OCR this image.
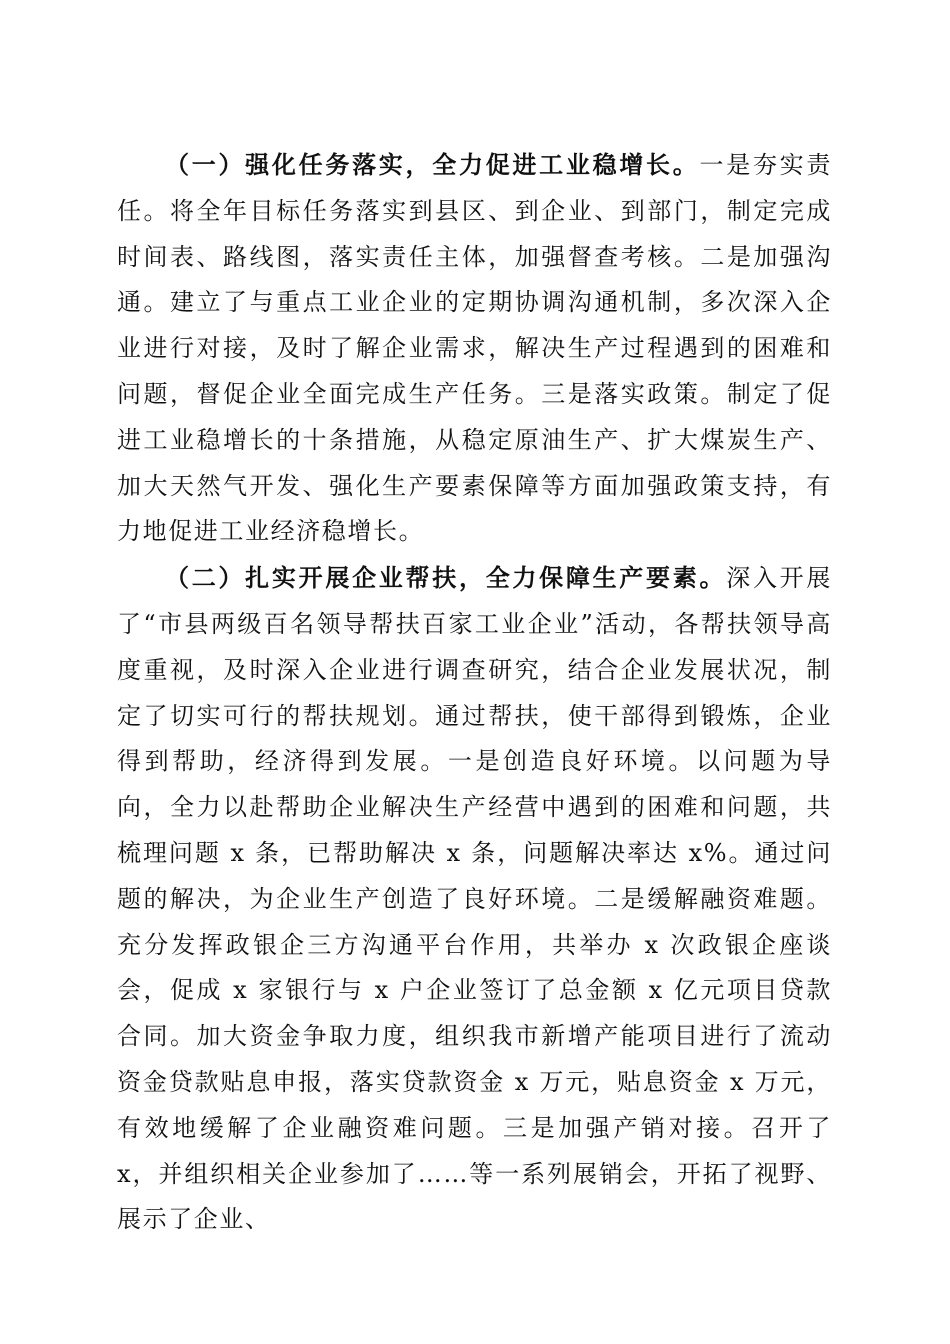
（一）强化任务落实，全力促进工业稳增长。一是夯实责任。将全年目标任务落实到县区、到企业、到部门，制定完成时间表、路线图，落实责任主体，加强督查考核。二是加强沟通。建立了与重点工业企业的定期协调沟通机制，多次深入企业进行对接，及时了解企业需求，解决生产过程遇到的困难和问题，督促企业全面完成生产任务。三是落实政策。制定了促进工业稳增长的十条措施，从稳定原油生产、扩大煤炭生产、加大天然气开发、强化生产要素保障等方面加强政策支持，有力地促进工业经济稳增长。

（二）扎实开展企业帮扶，全力保障生产要素。深入开展了“市县两级百名领导帮扶百家工业企业”活动，各帮扶领导高度重视，及时深入企业进行调查研究，结合企业发展状况，制定了切实可行的帮扶规划。通过帮扶，使干部得到锻炼，企业得到帮助，经济得到发展。一是创造良好环境。以问题为导向，全力以赴帮助企业解决生产经营中遇到的困难和问题，共梳理问题 x 条，已帮助解决 x 条，问题解决率达 x%。通过问题的解决，为企业生产创造了良好环境。二是缓解融资难题。充分发挥政银企三方沟通平台作用，共举办 x 次政银企座谈会，促成 x 家银行与 x 户企业签订了总金额 x 亿元项目贷款合同。加大资金争取力度，组织我市新增产能项目进行了流动资金贷款贴息申报，落实贷款资金 x 万元，贴息资金 x 万元，有效地缓解了企业融资难问题。三是加强产销对接。召开了 x，并组织相关企业参加了……等一系列展销会，开拓了视野、展示了企业、
